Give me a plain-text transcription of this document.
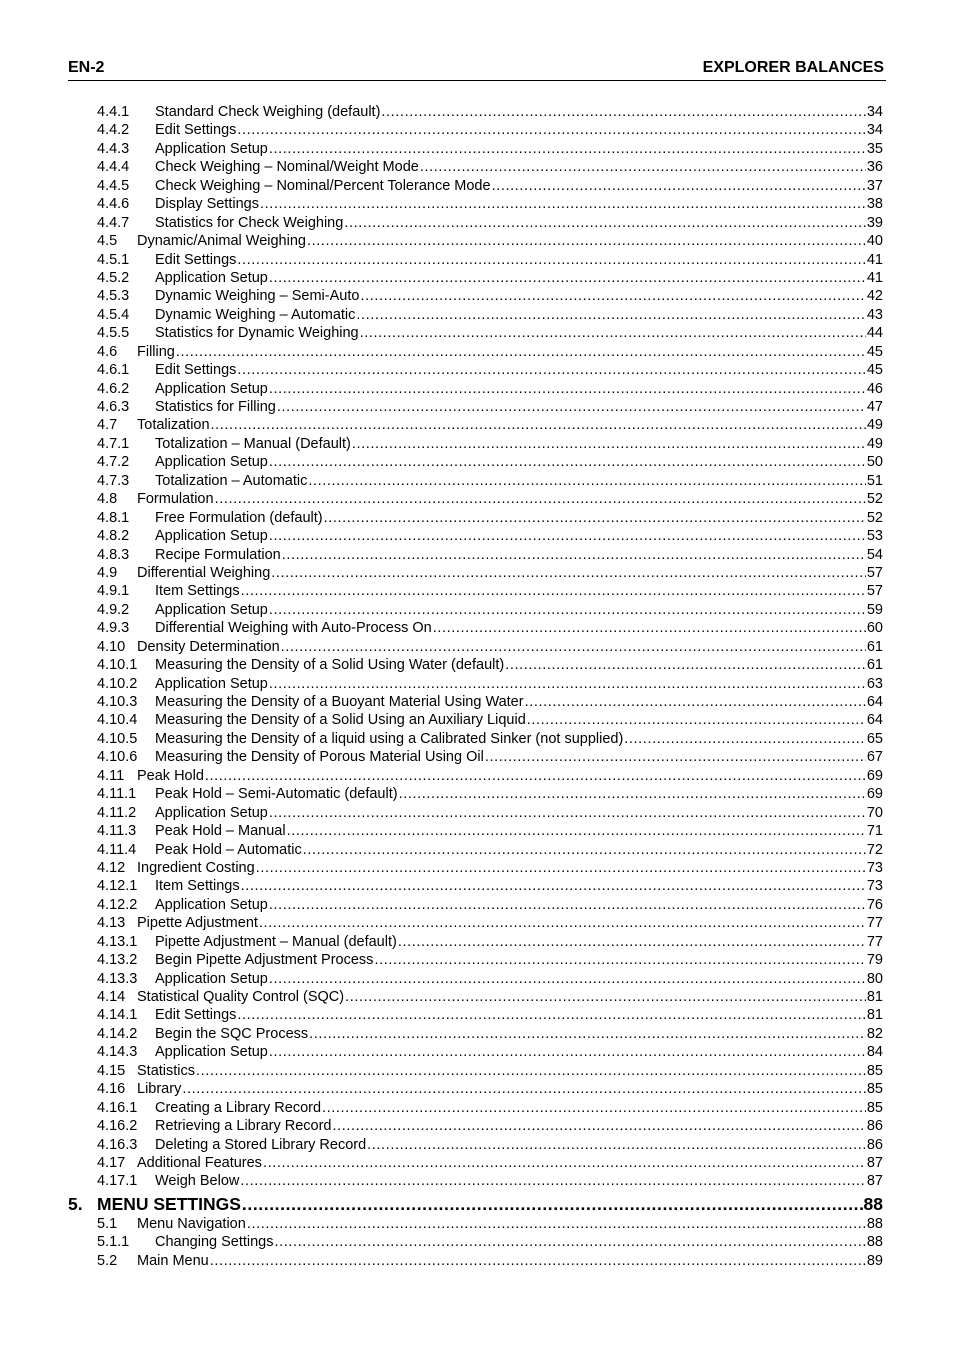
EN-2	EXPLORER BALANCES
4.4.1	Standard Check Weighing (default) .....	34
4.4.2	Edit Settings .....	34
4.4.3	Application Setup .....	35
4.4.4	Check Weighing – Nominal/Weight Mode .....	36
4.4.5	Check Weighing – Nominal/Percent Tolerance Mode .....	37
4.4.6	Display Settings .....	38
4.4.7	Statistics for Check Weighing .....	39
4.5	Dynamic/Animal Weighing .....	40
4.5.1	Edit Settings .....	41
4.5.2	Application Setup .....	41
4.5.3	Dynamic Weighing – Semi-Auto .....	42
4.5.4	Dynamic Weighing – Automatic .....	43
4.5.5	Statistics for Dynamic Weighing .....	44
4.6	Filling .....	45
4.6.1	Edit Settings .....	45
4.6.2	Application Setup .....	46
4.6.3	Statistics for Filling .....	47
4.7	Totalization .....	49
4.7.1	Totalization – Manual (Default) .....	49
4.7.2	Application Setup .....	50
4.7.3	Totalization – Automatic .....	51
4.8	Formulation .....	52
4.8.1	Free Formulation (default) .....	52
4.8.2	Application Setup .....	53
4.8.3	Recipe Formulation .....	54
4.9	Differential Weighing .....	57
4.9.1	Item Settings .....	57
4.9.2	Application Setup .....	59
4.9.3	Differential Weighing with Auto-Process On .....	60
4.10 Density Determination .....	61
4.10.1	Measuring the Density of a Solid Using Water (default) .....	61
4.10.2	Application Setup .....	63
4.10.3	Measuring the Density of a Buoyant Material Using Water .....	64
4.10.4	Measuring the Density of a Solid Using an Auxiliary Liquid .....	64
4.10.5	Measuring the Density of a liquid using a Calibrated Sinker (not supplied) .....	65
4.10.6	Measuring the Density of Porous Material Using Oil .....	67
4.11 Peak Hold .....	69
4.11.1	Peak Hold – Semi-Automatic (default) .....	69
4.11.2	Application Setup .....	70
4.11.3	Peak Hold – Manual .....	71
4.11.4	Peak Hold – Automatic .....	72
4.12 Ingredient Costing .....	73
4.12.1	Item Settings .....	73
4.12.2	Application Setup .....	76
4.13 Pipette Adjustment .....	77
4.13.1	Pipette Adjustment – Manual (default) .....	77
4.13.2	Begin Pipette Adjustment Process .....	79
4.13.3	Application Setup .....	80
4.14 Statistical Quality Control (SQC) .....	81
4.14.1	Edit Settings .....	81
4.14.2	Begin the SQC Process .....	82
4.14.3	Application Setup .....	84
4.15 Statistics .....	85
4.16 Library .....	85
4.16.1	Creating a Library Record .....	85
4.16.2	Retrieving a Library Record .....	86
4.16.3	Deleting a Stored Library Record .....	86
4.17 Additional Features .....	87
4.17.1	Weigh Below .....	87
5. MENU SETTINGS .....	88
5.1	Menu Navigation .....	88
5.1.1	Changing Settings .....	88
5.2	Main Menu .....	89
